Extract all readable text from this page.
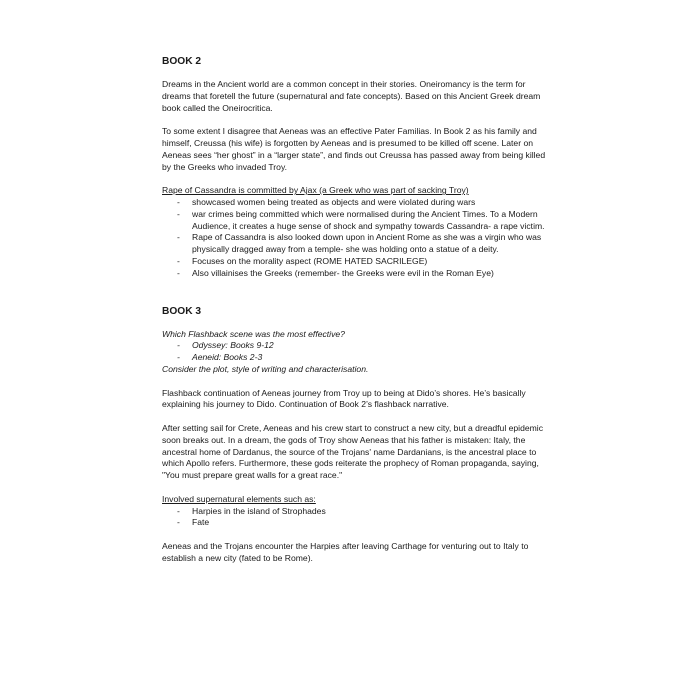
BOOK 2

Dreams in the Ancient world are a common concept in their stories. Oneiromancy is the term for dreams that foretell the future (supernatural and fate concepts). Based on this Ancient Greek dream book called the Oneirocritica.

To some extent I disagree that Aeneas was an effective Pater Familias. In Book 2 as his family and himself, Creussa (his wife) is forgotten by Aeneas and is presumed to be killed off scene. Later on Aeneas sees “her ghost” in a “larger state”, and finds out Creussa has passed away from being killed by the Greeks who invaded Troy.

Rape of Cassandra is committed by Ajax (a Greek who was part of sacking Troy)
- showcased women being treated as objects and were violated during wars
- war crimes being committed which were normalised during the Ancient Times. To a Modern Audience, it creates a huge sense of shock and sympathy towards Cassandra- a rape victim.
- Rape of Cassandra is also looked down upon in Ancient Rome as she was a virgin who was physically dragged away from a temple- she was holding onto a statue of a deity.
- Focuses on the morality aspect (ROME HATED SACRILEGE)
- Also villainises the Greeks (remember- the Greeks were evil in the Roman Eye)
BOOK 3
Which Flashback scene was the most effective?
- Odyssey: Books 9-12
- Aeneid: Books 2-3

Consider the plot, style of writing and characterisation.

Flashback continuation of Aeneas journey from Troy up to being at Dido’s shores. He’s basically explaining his journey to Dido. Continuation of Book 2’s flashback narrative.

After setting sail for Crete, Aeneas and his crew start to construct a new city, but a dreadful epidemic soon breaks out. In a dream, the gods of Troy show Aeneas that his father is mistaken: Italy, the ancestral home of Dardanus, the source of the Trojans' name Dardanians, is the ancestral place to which Apollo refers. Furthermore, these gods reiterate the prophecy of Roman propaganda, saying, "You must prepare great walls for a great race."

Involved supernatural elements such as:
- Harpies in the island of Strophades
- Fate

Aeneas and the Trojans encounter the Harpies after leaving Carthage for venturing out to Italy to establish a new city (fated to be Rome).
